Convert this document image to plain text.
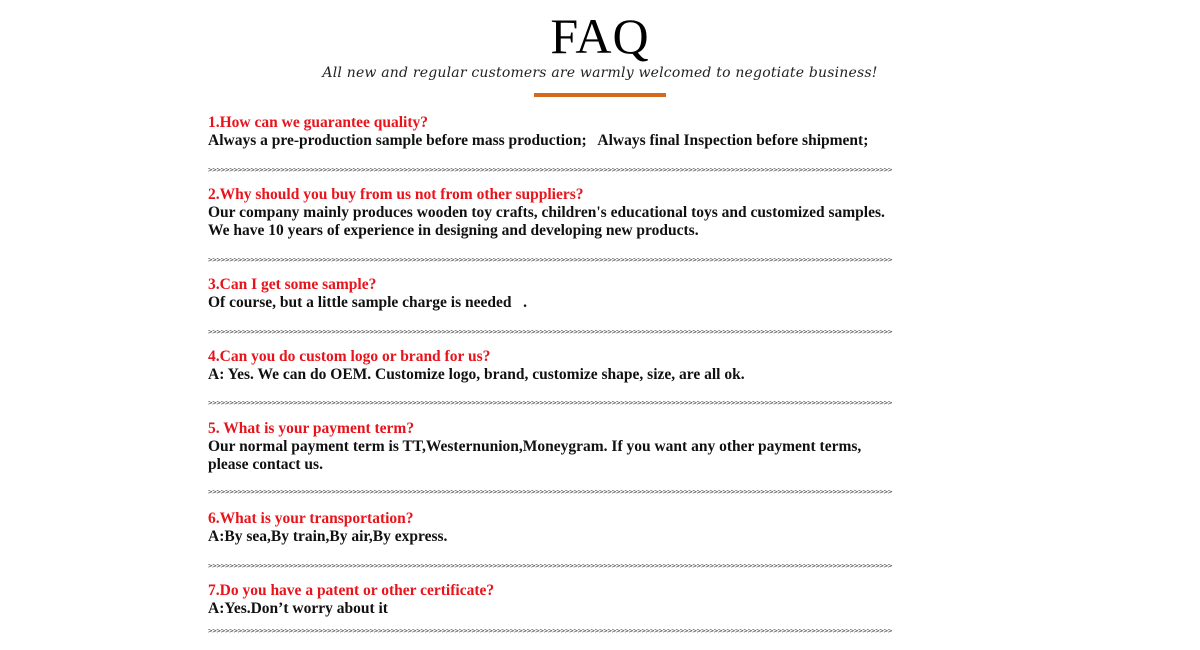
FAQ
All new and regular customers are warmly welcomed to negotiate business!
1.How can we guarantee quality?
Always a pre-production sample before mass production;   Always final Inspection before shipment;
>>>>>>>>>>>>>>>>>>>>>>>>>>>>>>>>>>>>>>>>>>>>>>>>>>>>>>>>>>>>>>>>>>>>>>>>>>>>>>>>>>>>>>>>>>>>>>>>>>>>>>>>>>>>>>>>>>>>>>>>>>>>>>>>>>>>>>>>>>>>>>>>>>>>>>>>>>>>>>>>>
2.Why should you buy from us not from other suppliers?
Our company mainly produces wooden toy crafts, children's educational toys and customized samples.
We have 10 years of experience in designing and developing new products.
>>>>>>>>>>>>>>>>>>>>>>>>>>>>>>>>>>>>>>>>>>>>>>>>>>>>>>>>>>>>>>>>>>>>>>>>>>>>>>>>>>>>>>>>>>>>>>>>>>>>>>>>>>>>>>>>>>>>>>>>>>>>>>>>>>>>>>>>>>>>>>>>>>>>>>>>>>>>>>>>>
3.Can I get some sample?
Of course, but a little sample charge is needed   .
>>>>>>>>>>>>>>>>>>>>>>>>>>>>>>>>>>>>>>>>>>>>>>>>>>>>>>>>>>>>>>>>>>>>>>>>>>>>>>>>>>>>>>>>>>>>>>>>>>>>>>>>>>>>>>>>>>>>>>>>>>>>>>>>>>>>>>>>>>>>>>>>>>>>>>>>>>>>>>>>>
4.Can you do custom logo or brand for us?
A: Yes. We can do OEM. Customize logo, brand, customize shape, size, are all ok.
>>>>>>>>>>>>>>>>>>>>>>>>>>>>>>>>>>>>>>>>>>>>>>>>>>>>>>>>>>>>>>>>>>>>>>>>>>>>>>>>>>>>>>>>>>>>>>>>>>>>>>>>>>>>>>>>>>>>>>>>>>>>>>>>>>>>>>>>>>>>>>>>>>>>>>>>>>>>>>>>>
5. What is your payment term?
Our normal payment term is TT,Westernunion,Moneygram. If you want any other payment terms,
please contact us.
>>>>>>>>>>>>>>>>>>>>>>>>>>>>>>>>>>>>>>>>>>>>>>>>>>>>>>>>>>>>>>>>>>>>>>>>>>>>>>>>>>>>>>>>>>>>>>>>>>>>>>>>>>>>>>>>>>>>>>>>>>>>>>>>>>>>>>>>>>>>>>>>>>>>>>>>>>>>>>>>>
6.What is your transportation?
A:By sea,By train,By air,By express.
>>>>>>>>>>>>>>>>>>>>>>>>>>>>>>>>>>>>>>>>>>>>>>>>>>>>>>>>>>>>>>>>>>>>>>>>>>>>>>>>>>>>>>>>>>>>>>>>>>>>>>>>>>>>>>>>>>>>>>>>>>>>>>>>>>>>>>>>>>>>>>>>>>>>>>>>>>>>>>>>>
7.Do you have a patent or other certificate?
A:Yes.Don’t worry about it
>>>>>>>>>>>>>>>>>>>>>>>>>>>>>>>>>>>>>>>>>>>>>>>>>>>>>>>>>>>>>>>>>>>>>>>>>>>>>>>>>>>>>>>>>>>>>>>>>>>>>>>>>>>>>>>>>>>>>>>>>>>>>>>>>>>>>>>>>>>>>>>>>>>>>>>>>>>>>>>>>
